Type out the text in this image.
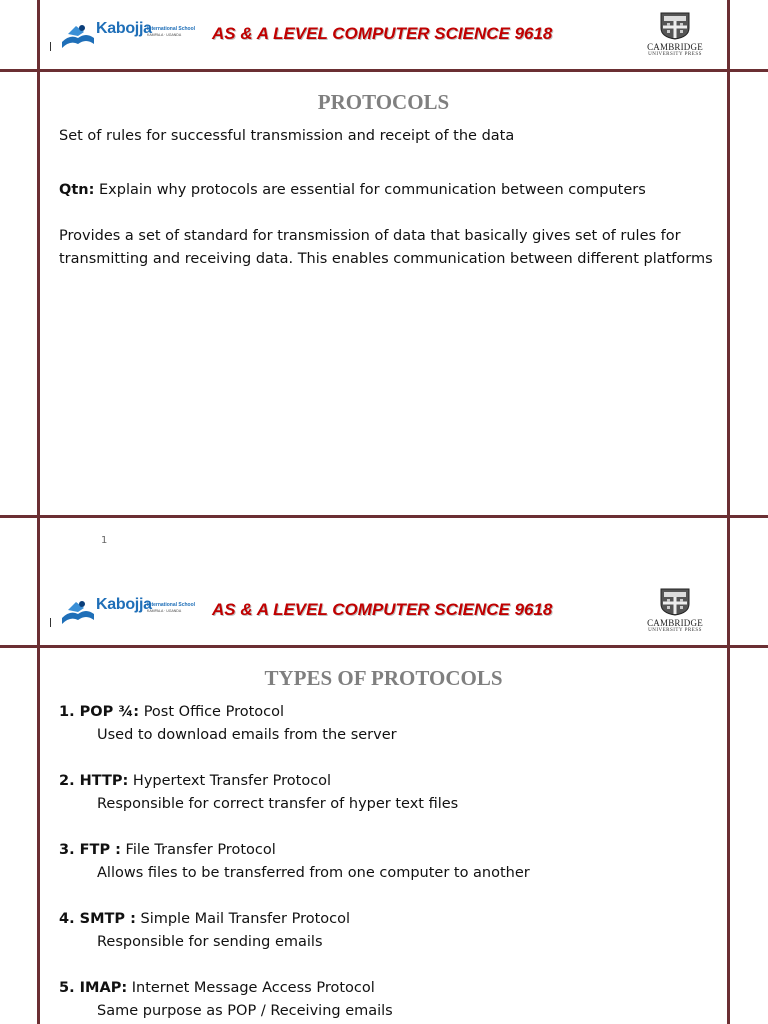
Kabojja
International School
KAMPALA · UGANDA	AS & A LEVEL COMPUTER SCIENCE 9618
CAMBRIDGE
UNIVERSITY PRESS
PROTOCOLS
Set of rules for successful transmission and receipt of the data
Qtn: Explain why protocols are essential for communication between computers
Provides a set of standard for transmission of data that basically gives set of rules for transmitting and receiving data. This enables communication between different platforms
1
Kabojja
International School
KAMPALA · UGANDA	AS & A LEVEL COMPUTER SCIENCE 9618
CAMBRIDGE
UNIVERSITY PRESS
TYPES OF PROTOCOLS
1. POP ¾: Post Office Protocol
Used to download emails from the server
2. HTTP: Hypertext Transfer Protocol
Responsible for correct transfer of hyper text files
3. FTP : File Transfer Protocol
Allows files to be transferred from one computer to another
4. SMTP : Simple Mail Transfer Protocol
Responsible for sending emails
5. IMAP: Internet Message Access Protocol
Same purpose as POP / Receiving emails
